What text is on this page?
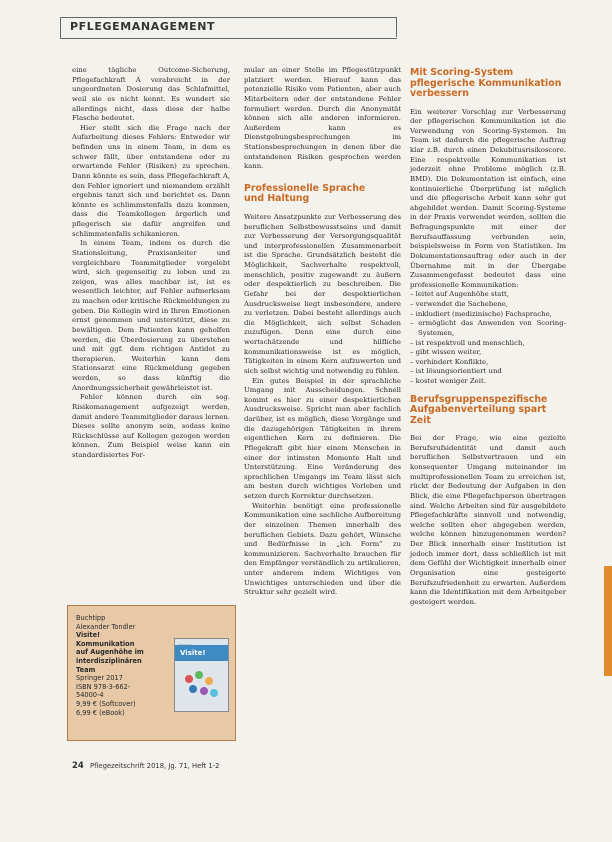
PFLEGEMANAGEMENT

eine tägliche Outcome-Sicherung, Pflegefachkraft A verabreicht in der ungeordneten Dosierung das Schlafmittel, weil sie es nicht kennt. Es wundert sie allerdings nicht, dass diese der halbe Flasche bedeutet.

Hier stellt sich die Frage nach der Aufarbeitung dieses Fehlers: Entweder wir befinden uns in einem Team, in dem es schwer fällt, über entstandene oder zu erwartende Fehler (Risiken) zu sprechen. Dann könnte es sein, dass Pflegefachkraft A, den Fehler ignoriert und niemandem erzählt ergebnis tanzt sich und berichtet es. Dann könnte es schlimmstenfalls dazu kommen, dass die Teamkollegen ärgerlich und pflegerisch sie dafür angreifen und schlimmstenfalls schikanieren.

In einem Team, indem es durch die Stationsleitung, Praxisanleiter und vergleichbare Teammitglieder vorgelebt wird, sich gegenseitig zu loben und zu zeigen, was alles machbar ist, ist es wesentlich leichter, auf Fehler aufmerksam zu machen oder kritische Rückmeldungen zu geben. Die Kollegin wird in Ihren Emotionen ernst genommen und unterstützt, diese zu bewältigen. Dem Patienten kann geholfen werden, die Überdosierung zu überstehen und mit ggf. dem richtigen Antidot zu therapieren. Weiterhin kann dem Stationsarzt eine Rückmeldung gegeben werden, so dass künftig die Anordnungssicherheit gewährleistet ist.

Fehler können durch ein sog. Risikomanagement aufgezeigt werden, damit andere Teammitglieder daraus lernen. Dieses sollte anonym sein, sodass keine Rückschlüsse auf Kollegen gezogen werden können. Zum Beispiel weise kann ein standardisiertes For-

Buchtipp
Alexander Tondler
Visite! Kommunikation
auf Augenhöhe im
interdisziplinären
Team
Springer 2017
ISBN 978-3-662-
54000-4
9,99 € (Softcover)
6,99 € (eBook)
Visite!

mular an einer Stelle im Pflegestützpunkt platziert werden. Hierauf kann das potenzielle Risiko vom Patienten, aber auch Mitarbeitern oder der entstandene Fehler formuliert werden. Durch die Anonymität können sich alle anderen informieren. Außerdem kann es Dienstgebungsbesprechungen im Stationsbesprechungen in denen über die entstandenen Risiken gesprochen werden kann.

Professionelle Sprache
und Haltung

Weitere Ansatzpunkte zur Verbesserung des beruflichen Selbstbewusstseins und damit zur Verbesserung der Versorgungsqualität und interprofessionellen Zusammenarbeit ist die Sprache. Grundsätzlich besteht die Möglichkeit, Sachverhalte respektvoll, menschlich, positiv zugewandt zu äußern oder despektierlich zu beschreiben. Die Gefahr bei der despektierlichen Ausdrucksweise liegt insbesondere, andere zu verletzen. Dabei besteht allerdings auch die Möglichkeit, sich selbst Schaden zuzufügen. Denn eine durch eine wertschätzende und hilfliche kommunikationsweise ist es möglich, Tätigkeiten in einem Kern aufzuwerten und sich selbst wichtig und notwendig zu fühlen.

Ein gutes Beispiel in der sprachliche Umgang mit Ausscheidungen. Schnell kommt es hier zu einer despektierlichen Ausdrucksweise. Spricht man aber fachlich darüber, ist es möglich, diese Vorgänge und die dazugehörigen Tätigkeiten in ihrem eigentlichen Kern zu definieren. Die Pflegekraft gibt hier einem Menschen in einer der intimsten Momente Halt und Unterstützung. Eine Veränderung des sprachlichen Umgangs im Team lässt sich am besten durch wichtiges Vorleben und setzen durch Korrektur durchsetzen.

Weiterhin benötigt eine professionelle Kommunikation eine sachliche Aufbereitung der einzelnen Themen innerhalb des beruflichen Gebiets. Dazu gehört, Wünsche und Bedürfnisse in „ich Form“ zu kommunizieren. Sachverhalte brauchen für den Empfänger verständlich zu artikulieren, unter anderem indem Wichtiges von Unwichtiges unterschieden und über die Struktur sehr gezielt wird.

Mit Scoring-System
pflegerische Kommunikation
verbessern

Ein weiterer Vorschlag zur Verbesserung der pflegerischen Kommunikation ist die Verwendung von Scoring-Systemen. Im Team ist dadurch die pflegerische Auftrag klar z.B. durch einen Dekubitusrisikoscore. Eine respektvolle Kommunikation ist jederzeit ohne Probleme möglich (z.B. BMD). Die Dokumentation ist einfach, eine kontinuierliche Überprüfung ist möglich und die pflegerische Arbeit kann sehr gut abgebildet werden. Damit Scoring-Systeme in der Praxis verwendet werden, sollten die Befragungspunkte mit einer der Berufsauffassung verbunden sein, beispielsweise in Form von Statistiken. Im Dokumentationsauftrag oder auch in der Übernahme mit in der Übergabe Zusammengefasst bedeutet dass eine professionelle Kommunikation:

– leitet auf Augenhöhe statt,
– verwendet die Sachebene,
– inkludiert (medizinische) Fachsprache,
– ermöglicht das Anwenden von Scoring-Systemen,
– ist respektvoll und menschlich,
– gibt wissen weiter,
– verhindert Konflikte,
– ist lösungsorientiert und
– kostet weniger Zeit.
Berufsgruppenspezifische
Aufgabenverteilung spart Zeit

Bei der Frage, wie eine gezielte Berufsrufsidentität und damit auch beruflichen Selbstvertrauen und ein konsequenter Umgang miteinander im multiprofessionellen Team zu erreichen ist, rückt der Bedeutung der Aufgaben in den Blick, die eine Pflegefachperson übertragen sind. Welche Arbeiten sind für ausgebildete Pflegefachkräfte sinnvoll und notwendig, welche sollten eher abgegeben werden, welche können hinzugenommen werden? Der Blick innerhalb einer Institution ist jedoch immer dort, dass schließlich ist mit dem Gefühl der Wichtigkeit innerhalb einer Organisation eine gesteigerte Berufszufriedenheit zu erwarten. Außerdem kann die Identifikation mit dem Arbeitgeber gesteigert werden.

24 Pflegezeitschrift 2018, Jg. 71, Heft 1-2
